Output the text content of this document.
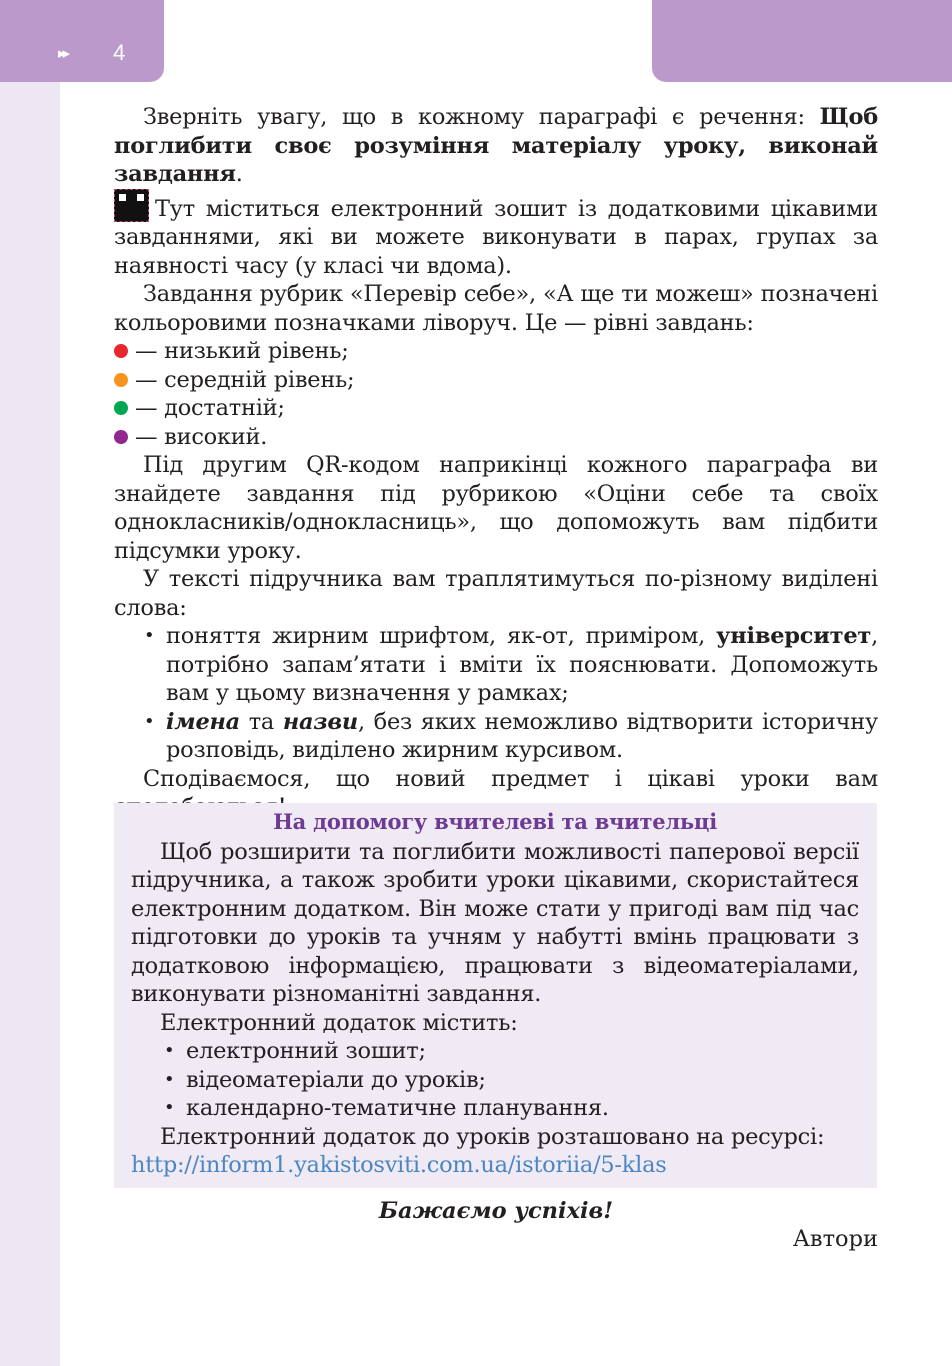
▸▸ 4

Зверніть увагу, що в кожному параграфі є речення: Щоб поглибити своє розуміння матеріалу уроку, виконай завдання.

Тут міститься електронний зошит із додатковими цікавими завданнями, які ви можете виконувати в парах, групах за наявності часу (у класі чи вдома).

Завдання рубрик «Перевір себе», «А ще ти можеш» позначені кольоровими позначками ліворуч. Це — рівні завдань:

— низький рівень;
— середній рівень;
— достатній;
— високий.

Під другим QR-кодом наприкінці кожного параграфа ви знайдете завдання під рубрикою «Оціни себе та своїх однокласників/однокласниць», що допоможуть вам підбити підсумки уроку.

У тексті підручника вам траплятимуться по-різному виділені слова:

• поняття жирним шрифтом, як-от, приміром, університет, потрібно запам’ятати і вміти їх пояснювати. Допоможуть вам у цьому визначення у рамках;
• імена та назви, без яких неможливо відтворити історичну розповідь, виділено жирним курсивом.

Сподіваємося, що новий предмет і цікаві уроки вам

На допомогу вчителеві та вчительці

Щоб розширити та поглибити можливості паперової версії підручника, а також зробити уроки цікавими, скористайтеся електронним додатком. Він може стати у пригоді вам під час підготовки до уроків та учням у набутті вмінь працювати з додатковою інформацією, працювати з відеоматеріалами, виконувати різноманітні завдання.

Електронний додаток містить:

• електронний зошит;
• відеоматеріали до уроків;
• календарно-тематичне планування.

Електронний додаток до уроків розташовано на ресурсі:

http://inform1.yakistosviti.com.ua/istoriia/5-klas

Бажаємо успіхів!
Автори
